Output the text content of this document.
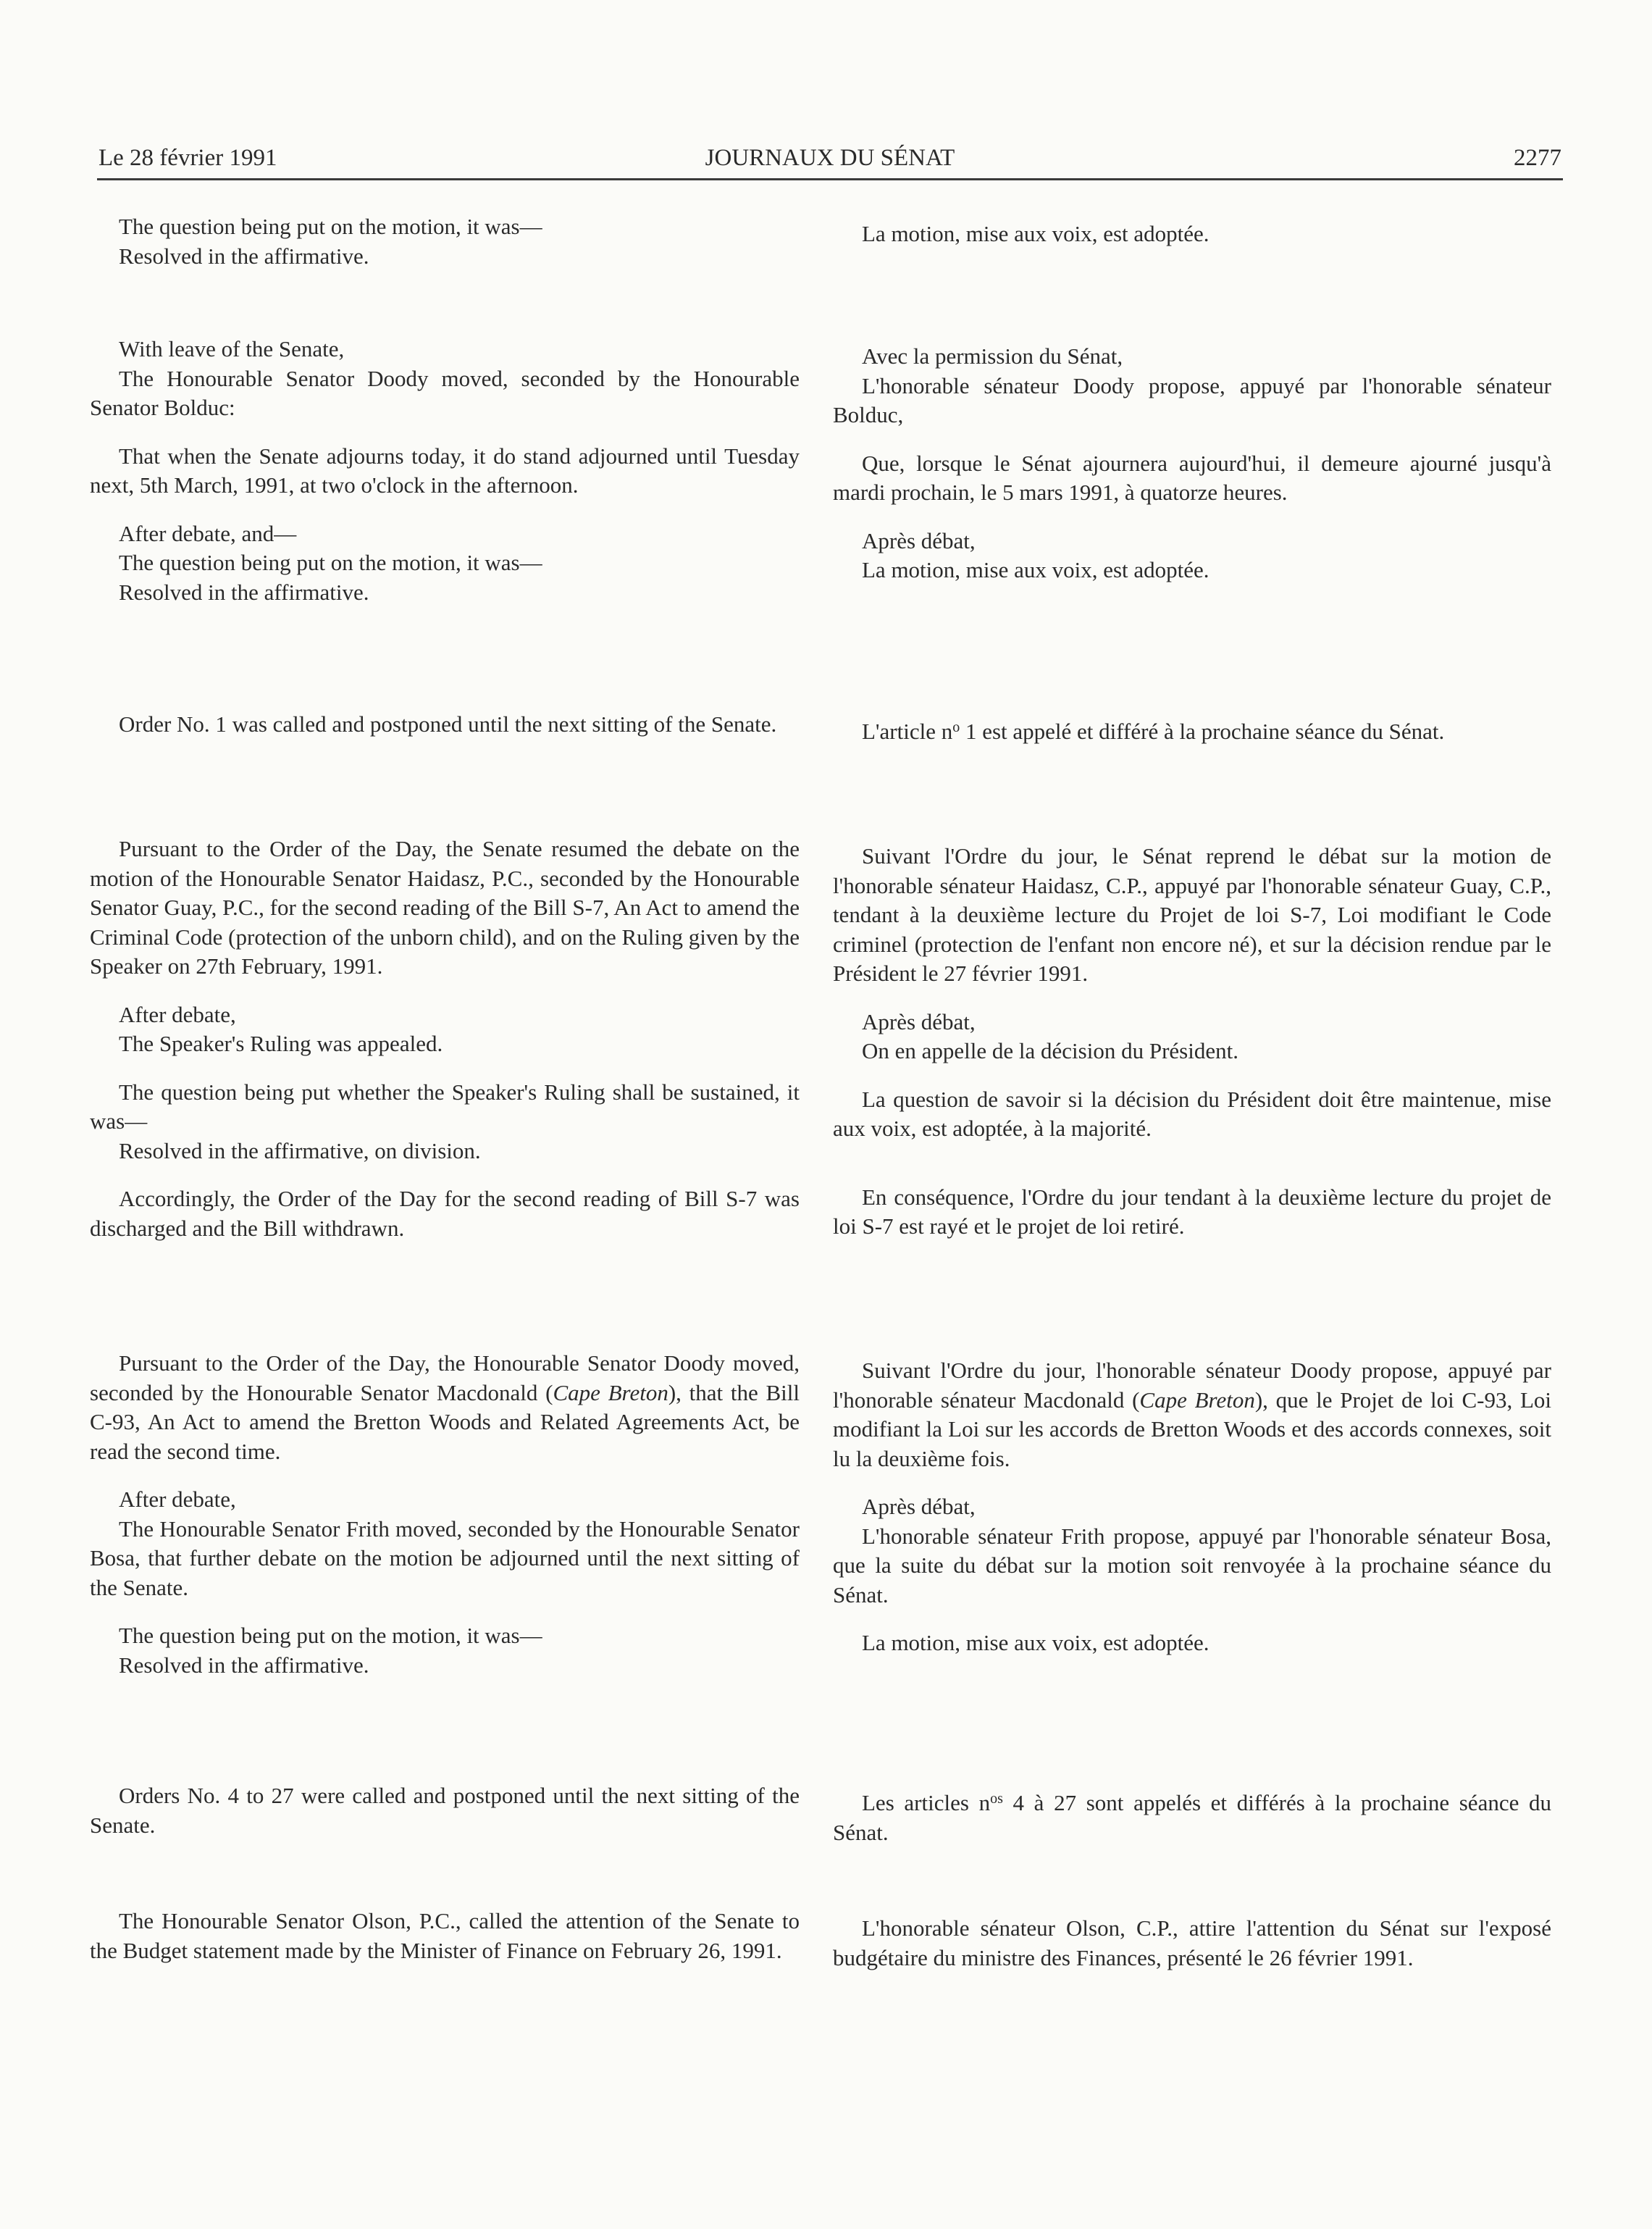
Le 28 février 1991	JOURNAUX DU SÉNAT	2277

The question being put on the motion, it was—

Resolved in the affirmative.

With leave of the Senate,

The Honourable Senator Doody moved, seconded by the Honourable Senator Bolduc:

That when the Senate adjourns today, it do stand adjourned until Tuesday next, 5th March, 1991, at two o'clock in the afternoon.

After debate, and—

The question being put on the motion, it was—

Resolved in the affirmative.

Order No. 1 was called and postponed until the next sitting of the Senate.

Pursuant to the Order of the Day, the Senate resumed the debate on the motion of the Honourable Senator Haidasz, P.C., seconded by the Honourable Senator Guay, P.C., for the second reading of the Bill S-7, An Act to amend the Criminal Code (protection of the unborn child), and on the Ruling given by the Speaker on 27th February, 1991.

After debate,

The Speaker's Ruling was appealed.

The question being put whether the Speaker's Ruling shall be sustained, it was—

Resolved in the affirmative, on division.

Accordingly, the Order of the Day for the second reading of Bill S-7 was discharged and the Bill withdrawn.

Pursuant to the Order of the Day, the Honourable Senator Doody moved, seconded by the Honourable Senator Macdonald (Cape Breton), that the Bill C-93, An Act to amend the Bretton Woods and Related Agreements Act, be read the second time.

After debate,

The Honourable Senator Frith moved, seconded by the Honourable Senator Bosa, that further debate on the motion be adjourned until the next sitting of the Senate.

The question being put on the motion, it was—

Resolved in the affirmative.

Orders No. 4 to 27 were called and postponed until the next sitting of the Senate.

The Honourable Senator Olson, P.C., called the attention of the Senate to the Budget statement made by the Minister of Finance on February 26, 1991.

La motion, mise aux voix, est adoptée.

Avec la permission du Sénat,

L'honorable sénateur Doody propose, appuyé par l'honorable sénateur Bolduc,

Que, lorsque le Sénat ajournera aujourd'hui, il demeure ajourné jusqu'à mardi prochain, le 5 mars 1991, à quatorze heures.

Après débat,

La motion, mise aux voix, est adoptée.

L'article $n^o$ 1 est appelé et différé à la prochaine séance du Sénat.

Suivant l'Ordre du jour, le Sénat reprend le débat sur la motion de l'honorable sénateur Haidasz, C.P., appuyé par l'honorable sénateur Guay, C.P., tendant à la deuxième lecture du Projet de loi S-7, Loi modifiant le Code criminel (protection de l'enfant non encore né), et sur la décision rendue par le Président le 27 février 1991.

Après débat,

On en appelle de la décision du Président.

La question de savoir si la décision du Président doit être maintenue, mise aux voix, est adoptée, à la majorité.

En conséquence, l'Ordre du jour tendant à la deuxième lecture du projet de loi S-7 est rayé et le projet de loi retiré.

Suivant l'Ordre du jour, l'honorable sénateur Doody propose, appuyé par l'honorable sénateur Macdonald (Cape Breton), que le Projet de loi C-93, Loi modifiant la Loi sur les accords de Bretton Woods et des accords connexes, soit lu la deuxième fois.

Après débat,

L'honorable sénateur Frith propose, appuyé par l'honorable sénateur Bosa, que la suite du débat sur la motion soit renvoyée à la prochaine séance du Sénat.

La motion, mise aux voix, est adoptée.

Les articles $n^{os}$ 4 à 27 sont appelés et différés à la prochaine séance du Sénat.

L'honorable sénateur Olson, C.P., attire l'attention du Sénat sur l'exposé budgétaire du ministre des Finances, présenté le 26 février 1991.
